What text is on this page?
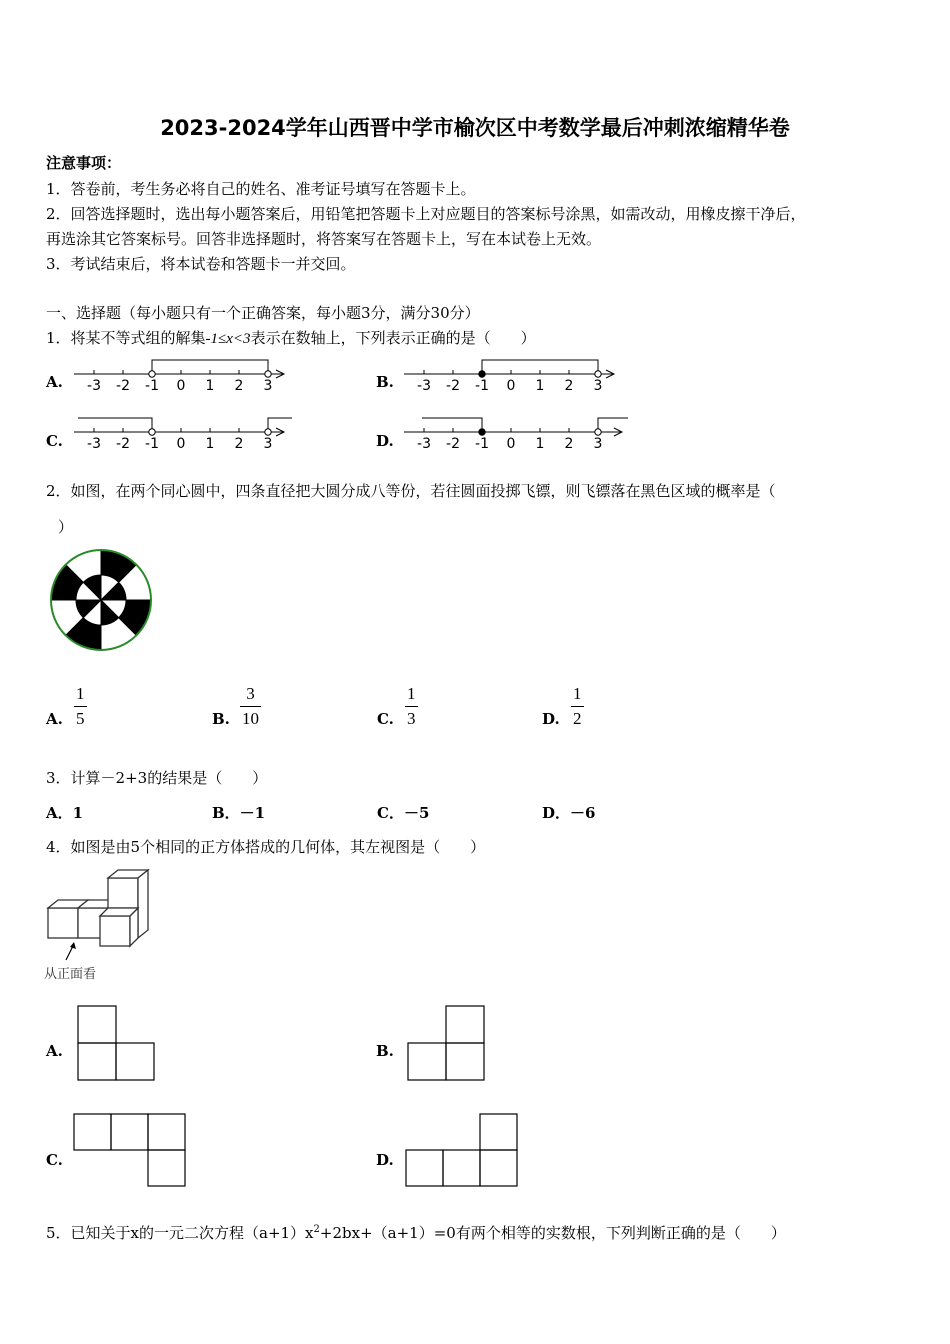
2023-2024学年山西晋中学市榆次区中考数学最后冲刺浓缩精华卷
注意事项：
1．答卷前，考生务必将自己的姓名、准考证号填写在答题卡上。
2．回答选择题时，选出每小题答案后，用铅笔把答题卡上对应题目的答案标号涂黑，如需改动，用橡皮擦干净后，
再选涂其它答案标号。回答非选择题时，将答案写在答题卡上，写在本试卷上无效。
3．考试结束后，将本试卷和答题卡一并交回。
一、选择题（每小题只有一个正确答案，每小题3分，满分30分）
1．将某不等式组的解集-1≤x<3表示在数轴上，下列表示正确的是（　　）
A.	B.
C.	D.
-3 -2 -1 0 1 2 3	-3 -2 -1 0 1 2 3
-3 -2 -1 0 1 2 3	-3 -2 -1 0 1 2 3
2．如图，在两个同心圆中，四条直径把大圆分成八等份，若往圆面投掷飞镖，则飞镖落在黑色区域的概率是（
）
A.
1
5	B.
3
10	C.
1
3	D.
1
2
3．计算－2+3的结果是（　　）
A．1	B．－1	C．－5	D．－6
4．如图是由5个相同的正方体搭成的几何体，其左视图是（　　）
从正面看
A.	B.
C.	D.
5．已知关于x的一元二次方程$(a+1)x^2+2bx+(a+1)=0$有两个相等的实数根，下列判断正确的是（　　）
